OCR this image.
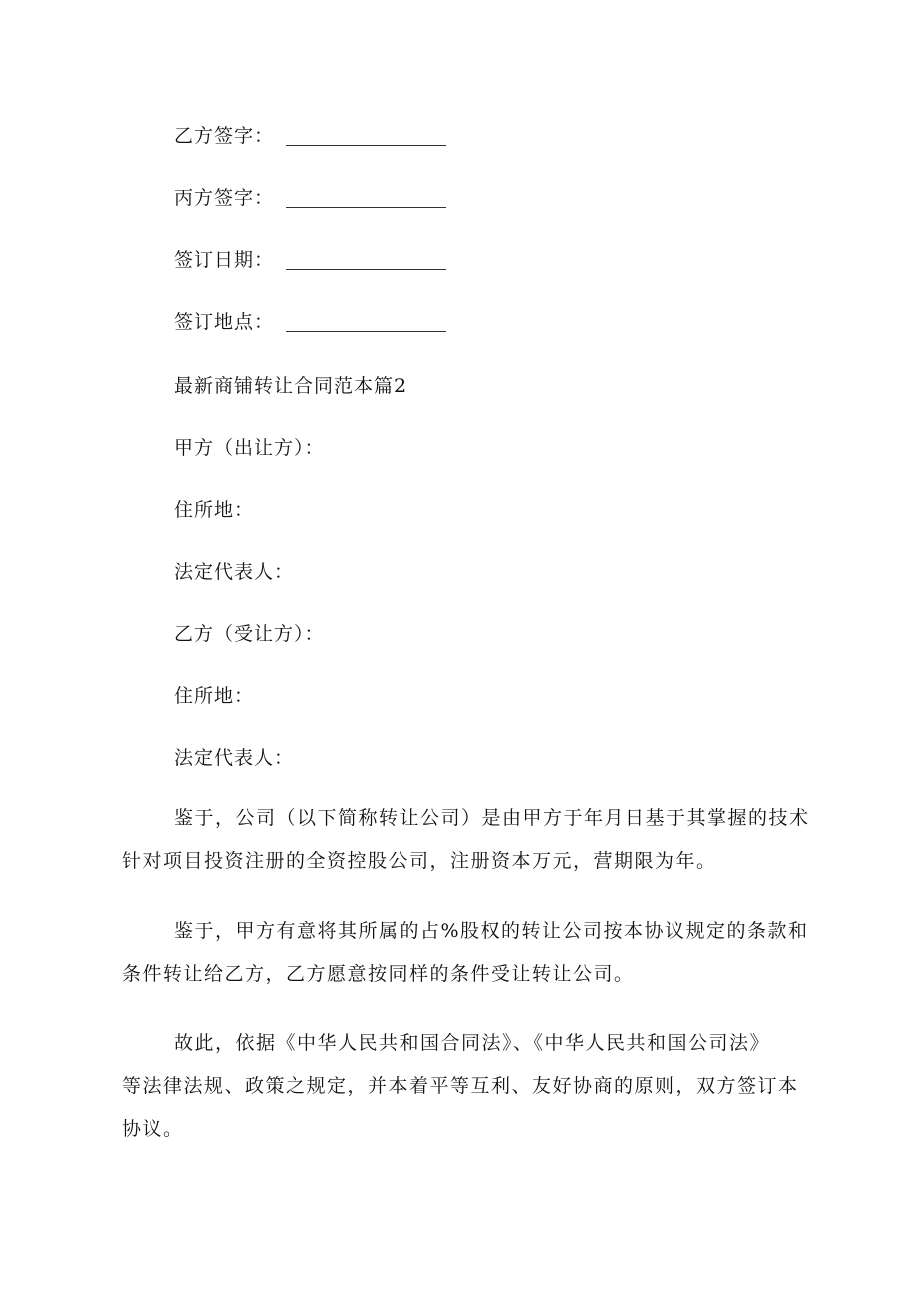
乙方签字：
丙方签字：
签订日期：
签订地点：
最新商铺转让合同范本篇2
甲方（出让方）：
住所地：
法定代表人：
乙方（受让方）：
住所地：
法定代表人：
鉴于，公司（以下简称转让公司）是由甲方于年月日基于其掌握的技术
针对项目投资注册的全资控股公司，注册资本万元，营期限为年。
鉴于，甲方有意将其所属的占%股权的转让公司按本协议规定的条款和
条件转让给乙方，乙方愿意按同样的条件受让转让公司。
故此，依据《中华人民共和国合同法》、《中华人民共和国公司法》
等法律法规、政策之规定，并本着平等互利、友好协商的原则，双方签订本
协议。
